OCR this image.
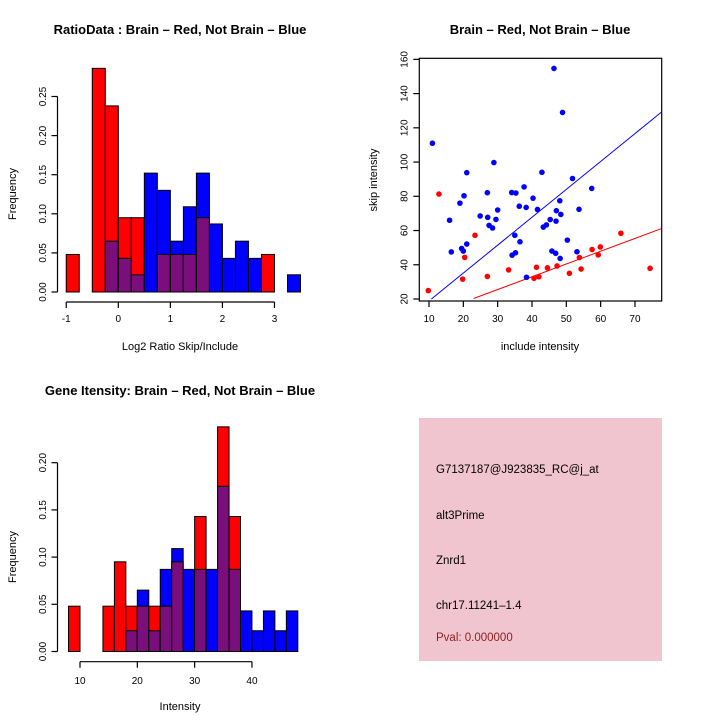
0.00
0.05
0.10
0.15
0.20
0.25
-1	0	1	2	3
RatioData : Brain – Red, Not Brain – Blue
Log2 Ratio Skip/Include
Frequency
10 20 30 40 50 60 70
20
40
60
80
100
120
140
160
Brain – Red, Not Brain – Blue
include intensity
skip intensity
0.00
0.05
0.10
0.15
0.20
10	20	30	40
Gene Itensity: Brain – Red, Not Brain – Blue
Intensity
Frequency
G7137187@J923835_RC@j_at
alt3Prime
Znrd1
chr17.11241–1.4
Pval: 0.000000
